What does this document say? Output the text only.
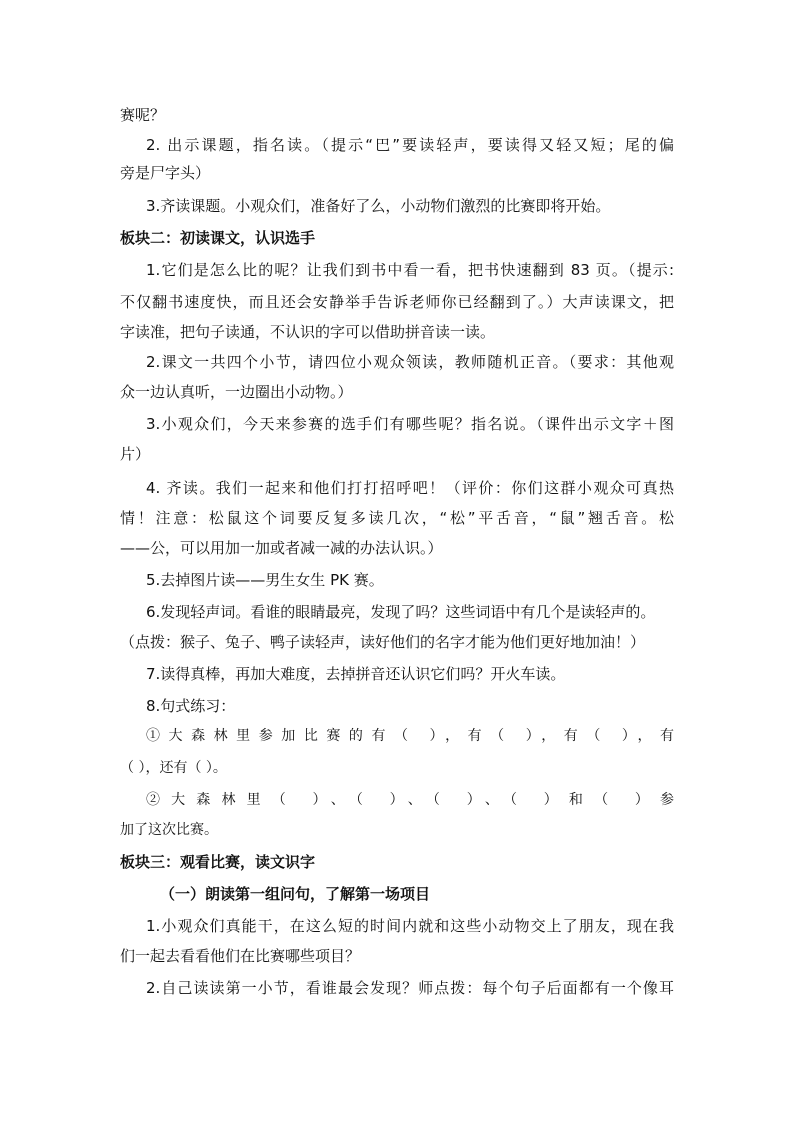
赛呢？
2. 出示课题，指名读。（提示“巴”要读轻声，要读得又轻又短；尾的偏
旁是尸字头）
3.齐读课题。小观众们，准备好了么，小动物们激烈的比赛即将开始。
板块二：初读课文，认识选手
1.它们是怎么比的呢？让我们到书中看一看，把书快速翻到 83 页。（提示:
不仅翻书速度快，而且还会安静举手告诉老师你已经翻到了。）大声读课文，把
字读准，把句子读通，不认识的字可以借助拼音读一读。
2.课文一共四个小节，请四位小观众领读，教师随机正音。（要求：其他观
众一边认真听，一边圈出小动物。）
3.小观众们，今天来参赛的选手们有哪些呢？指名说。（课件出示文字＋图
片）
4. 齐读。我们一起来和他们打打招呼吧！（评价：你们这群小观众可真热
情！注意：松鼠这个词要反复多读几次，“松”平舌音，“鼠”翘舌音。松
——公，可以用加一加或者减一减的办法认识。）
5.去掉图片读——男生女生 PK 赛。
6.发现轻声词。看谁的眼睛最亮，发现了吗？这些词语中有几个是读轻声的。
（点拨：猴子、兔子、鸭子读轻声，读好他们的名字才能为他们更好地加油！）
7.读得真棒，再加大难度，去掉拼音还认识它们吗？开火车读。
8.句式练习：
①大森林里参加比赛的有（ ），有（ ），有（ ），有
（ ），还有（ ）。
②大森林里（ ）、（ ）、（ ）、（ ）和（ ）参
加了这次比赛。
板块三：观看比赛，读文识字
（一）朗读第一组问句，了解第一场项目
1.小观众们真能干，在这么短的时间内就和这些小动物交上了朋友，现在我
们一起去看看他们在比赛哪些项目？
2.自己读读第一小节，看谁最会发现？师点拨：每个句子后面都有一个像耳
